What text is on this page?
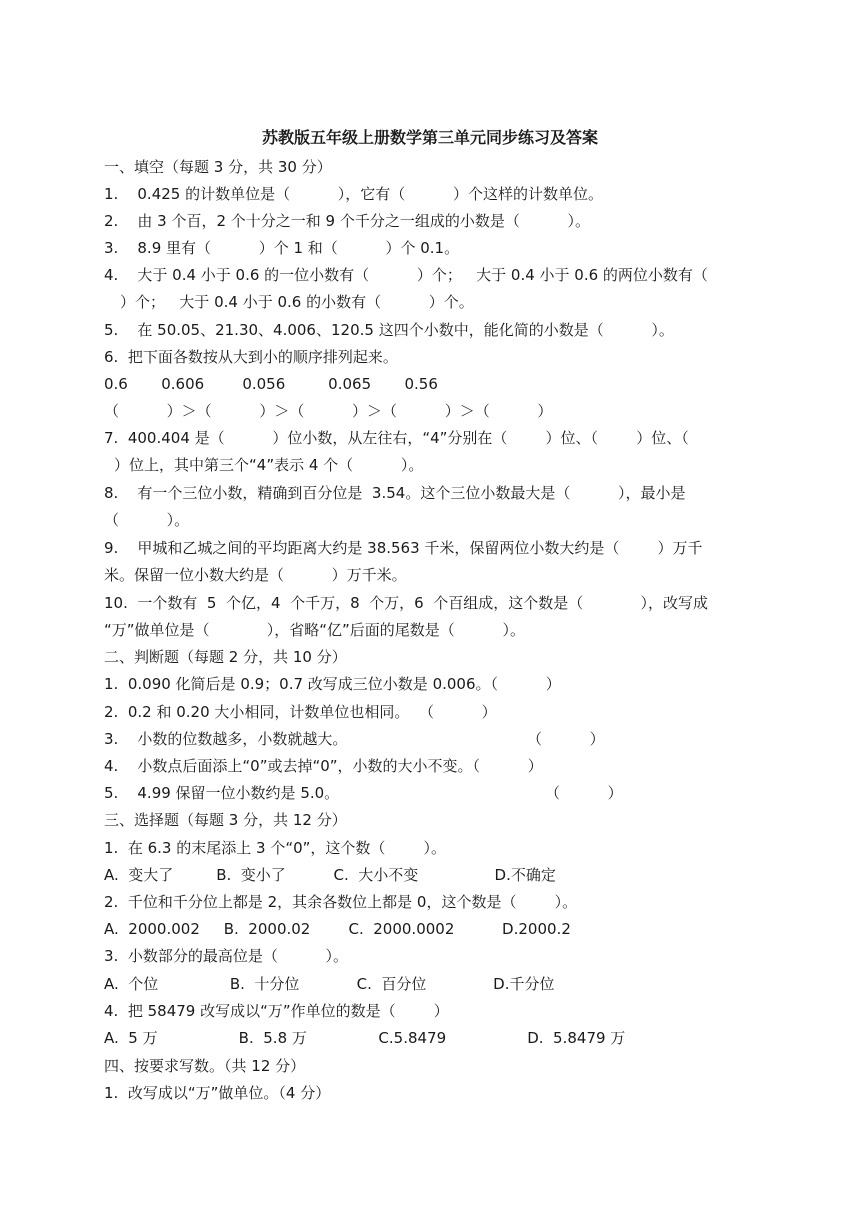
苏教版五年级上册数学第三单元同步练习及答案
一、填空（每题 3 分，共 30 分）
1.    0.425 的计数单位是（          ），它有（          ）个这样的计数单位。
2.    由 3 个百，2 个十分之一和 9 个千分之一组成的小数是（          ）。
3.    8.9 里有（          ）个 1 和（          ）个 0.1。
4.    大于 0.4 小于 0.6 的一位小数有（          ）个；   大于 0.4 小于 0.6 的两位小数有（
）个；   大于 0.4 小于 0.6 的小数有（          ）个。
5.    在 50.05、21.30、4.006、120.5 这四个小数中，能化简的小数是（          ）。
6.  把下面各数按从大到小的顺序排列起来。
0.6       0.606        0.056         0.065       0.56
（          ）＞（          ）＞（          ）＞（          ）＞（          ）
7.  400.404 是（          ）位小数，从左往右，“4”分别在（        ）位、（        ）位、（
）位上，其中第三个“4”表示 4 个（          ）。
8.    有一个三位小数，精确到百分位是  3.54。这个三位小数最大是（          ），最小是
（          ）。
9.    甲城和乙城之间的平均距离大约是 38.563 千米，保留两位小数大约是（        ）万千
米。保留一位小数大约是（          ）万千米。
10.  一个数有  5  个亿，4  个千万，8  个万，6  个百组成，这个数是（            ），改写成
“万”做单位是（            ），省略“亿”后面的尾数是（          ）。
二、判断题（每题 2 分，共 10 分）
1.  0.090 化简后是 0.9；0.7 改写成三位小数是 0.006。（          ）
2.  0.2 和 0.20 大小相同，计数单位也相同。  （          ）
3.    小数的位数越多，小数就越大。	（          ）
4.    小数点后面添上“0”或去掉“0”，小数的大小不变。（          ）
5.    4.99 保留一位小数约是 5.0。	（          ）
三、选择题（每题 3 分，共 12 分）
1.  在 6.3 的末尾添上 3 个“0”，这个数（        ）。
A.  变大了         B.  变小了          C.  大小不变                D.不确定
2.  千位和千分位上都是 2，其余各数位上都是 0，这个数是（        ）。
A.  2000.002     B.  2000.02        C.  2000.0002          D.2000.2
3.  小数部分的最高位是（          ）。
A.  个位               B.  十分位            C.  百分位              D.千分位
4.  把 58479 改写成以“万”作单位的数是（        ）
A.  5 万                 B.  5.8 万               C.5.8479                 D.  5.8479 万
四、按要求写数。（共 12 分）
1.  改写成以“万”做单位。（4 分）
